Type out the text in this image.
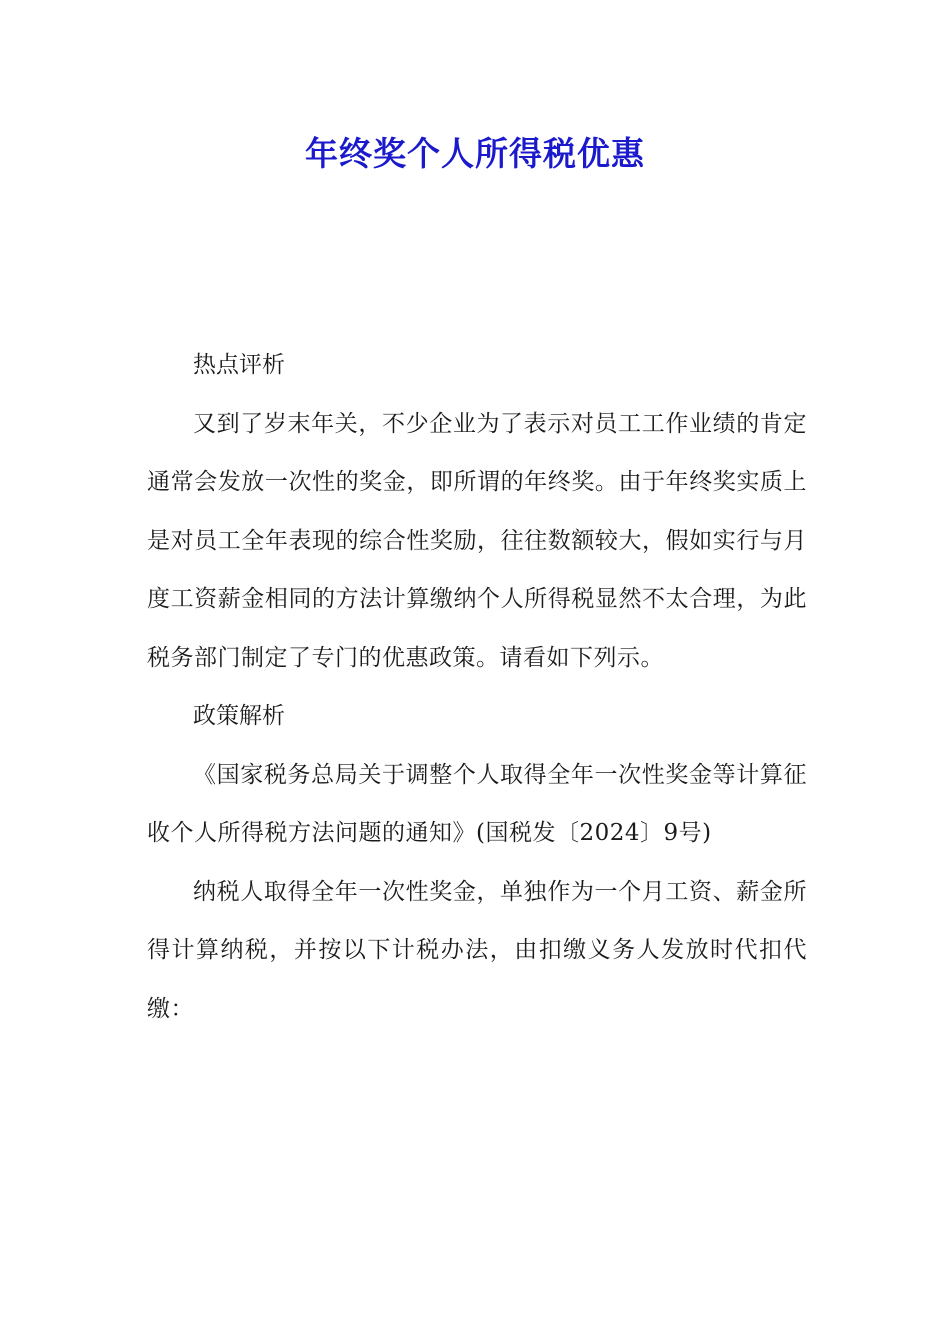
年终奖个人所得税优惠

热点评析

又到了岁末年关，不少企业为了表示对员工工作业绩的肯定通常会发放一次性的奖金，即所谓的年终奖。由于年终奖实质上是对员工全年表现的综合性奖励，往往数额较大，假如实行与月度工资薪金相同的方法计算缴纳个人所得税显然不太合理，为此税务部门制定了专门的优惠政策。请看如下列示。

政策解析

《国家税务总局关于调整个人取得全年一次性奖金等计算征收个人所得税方法问题的通知》(国税发〔2024〕9号)

纳税人取得全年一次性奖金，单独作为一个月工资、薪金所得计算纳税，并按以下计税办法，由扣缴义务人发放时代扣代缴：
